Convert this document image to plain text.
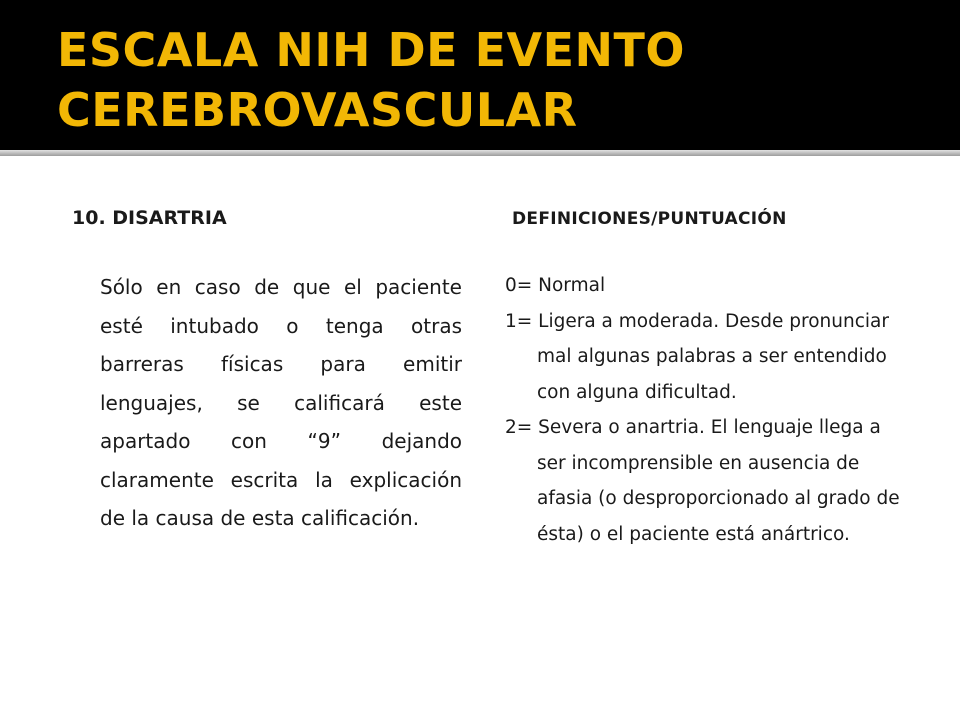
ESCALA NIH DE EVENTO CEREBROVASCULAR
10. DISARTRIA	DEFINICIONES/PUNTUACIÓN

Sólo en caso de que el paciente esté intubado o tenga otras barreras físicas para emitir lenguajes, se calificará este apartado con “9” dejando claramente escrita la explicación de la causa de esta calificación.

0= Normal
1= Ligera a moderada. Desde pronunciar mal algunas palabras a ser entendido con alguna dificultad.
2= Severa o anartria. El lenguaje llega a ser incomprensible en ausencia de afasia (o desproporcionado al grado de ésta) o el paciente está anártrico.
